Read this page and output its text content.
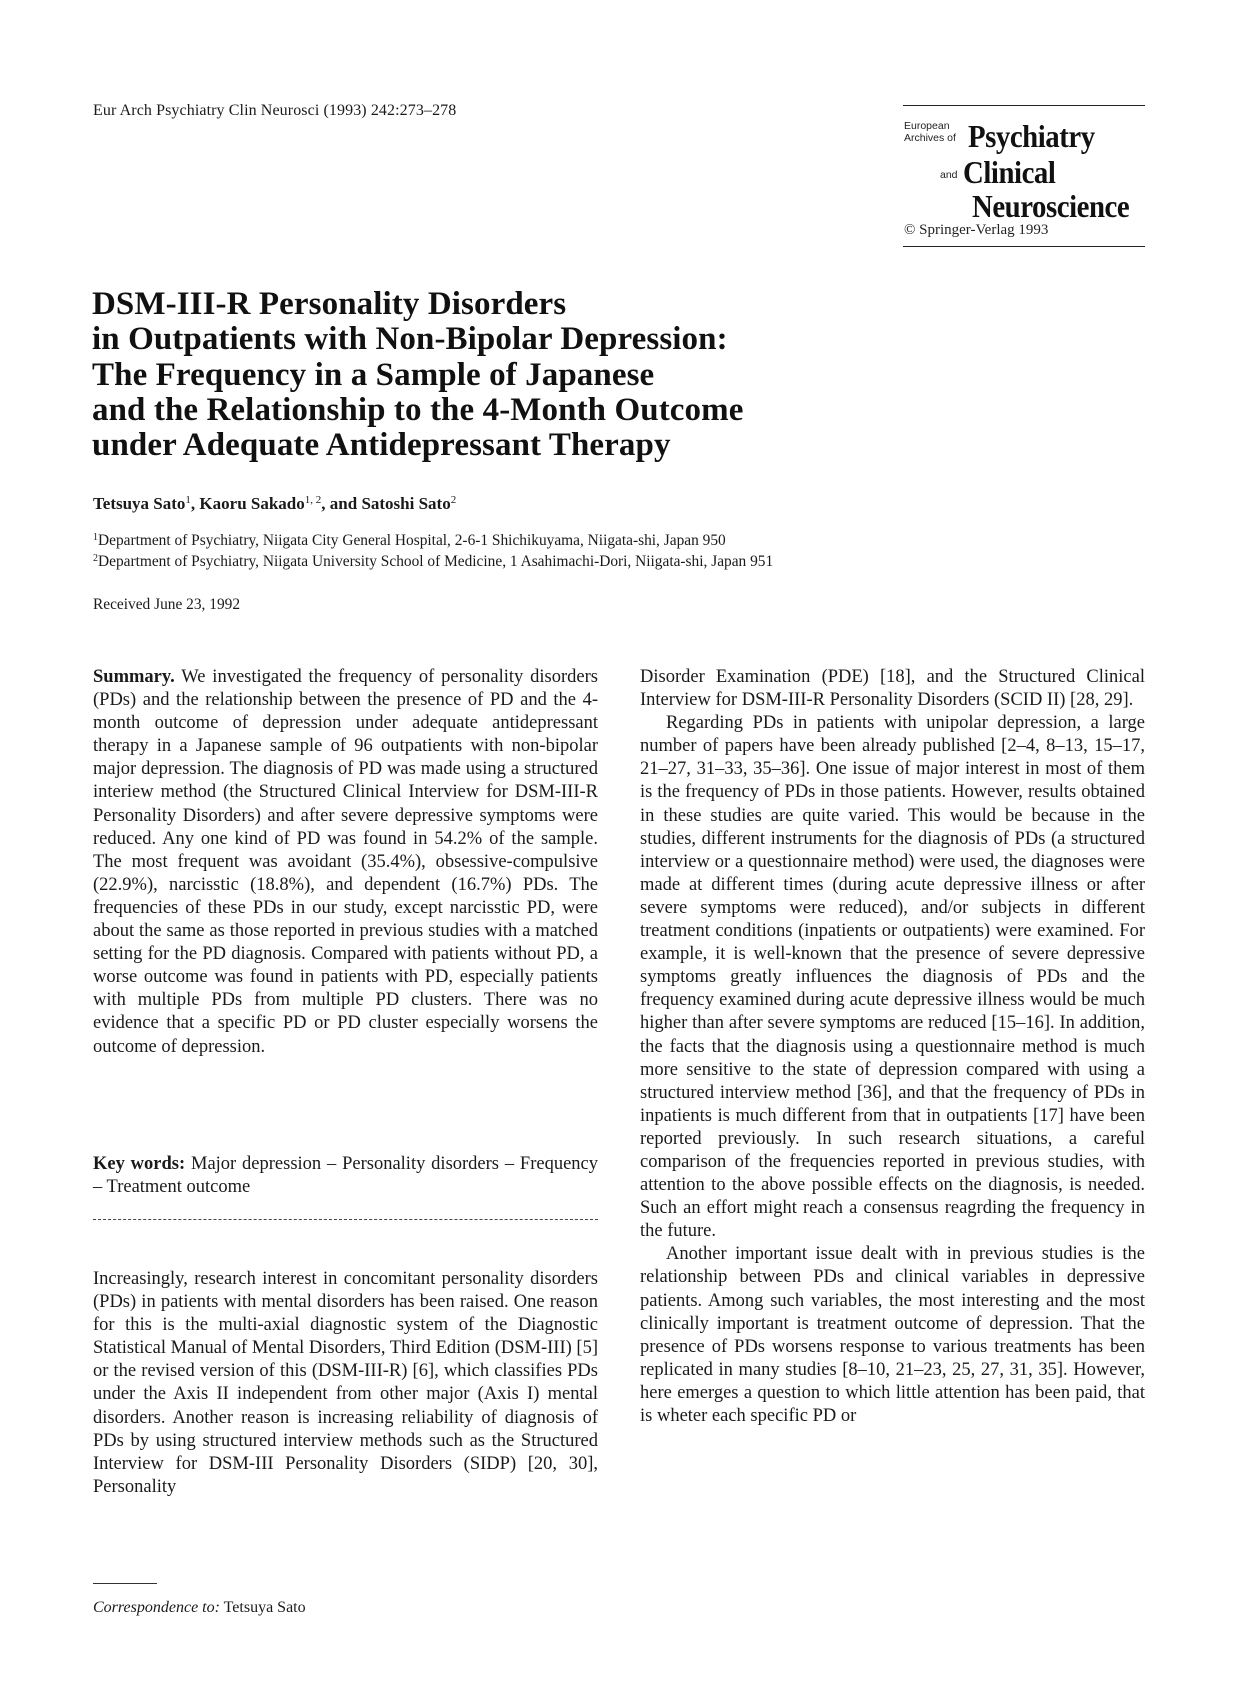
Eur Arch Psychiatry Clin Neurosci (1993) 242:273–278
European
Archives of Psychiatry
and Clinical
Neuroscience
© Springer-Verlag 1993
DSM-III-R Personality Disorders
in Outpatients with Non-Bipolar Depression:
The Frequency in a Sample of Japanese
and the Relationship to the 4-Month Outcome
under Adequate Antidepressant Therapy
Tetsuya Sato$^1$, Kaoru Sakado$^{1, 2}$, and Satoshi Sato$^2$
$^1$Department of Psychiatry, Niigata City General Hospital, 2-6-1 Shichikuyama, Niigata-shi, Japan 950
$^2$Department of Psychiatry, Niigata University School of Medicine, 1 Asahimachi-Dori, Niigata-shi, Japan 951
Received June 23, 1992

Summary. We investigated the frequency of personality disorders (PDs) and the relationship between the presence of PD and the 4-month outcome of depression under adequate antidepressant therapy in a Japanese sample of 96 outpatients with non-bipolar major depression. The diagnosis of PD was made using a structured interiew method (the Structured Clinical Interview for DSM-III-R Personality Disorders) and after severe depressive symptoms were reduced. Any one kind of PD was found in 54.2% of the sample. The most frequent was avoidant (35.4%), obsessive-compulsive (22.9%), narcisstic (18.8%), and dependent (16.7%) PDs. The frequencies of these PDs in our study, except narcisstic PD, were about the same as those reported in previous studies with a matched setting for the PD diagnosis. Compared with patients without PD, a worse outcome was found in patients with PD, especially patients with multiple PDs from multiple PD clusters. There was no evidence that a specific PD or PD cluster especially worsens the outcome of depression.

Key words: Major depression – Personality disorders – Frequency – Treatment outcome

Increasingly, research interest in concomitant personality disorders (PDs) in patients with mental disorders has been raised. One reason for this is the multi-axial diagnostic system of the Diagnostic Statistical Manual of Mental Disorders, Third Edition (DSM-III) [5] or the revised version of this (DSM-III-R) [6], which classifies PDs under the Axis II independent from other major (Axis I) mental disorders. Another reason is increasing reliability of diagnosis of PDs by using structured interview methods such as the Structured Interview for DSM-III Personality Disorders (SIDP) [20, 30], Personality

Disorder Examination (PDE) [18], and the Structured Clinical Interview for DSM-III-R Personality Disorders (SCID II) [28, 29].

Regarding PDs in patients with unipolar depression, a large number of papers have been already published [2–4, 8–13, 15–17, 21–27, 31–33, 35–36]. One issue of major interest in most of them is the frequency of PDs in those patients. However, results obtained in these studies are quite varied. This would be because in the studies, different instruments for the diagnosis of PDs (a structured interview or a questionnaire method) were used, the diagnoses were made at different times (during acute depressive illness or after severe symptoms were reduced), and/or subjects in different treatment conditions (inpatients or outpatients) were examined. For example, it is well-known that the presence of severe depressive symptoms greatly influences the diagnosis of PDs and the frequency examined during acute depressive illness would be much higher than after severe symptoms are reduced [15–16]. In addition, the facts that the diagnosis using a questionnaire method is much more sensitive to the state of depression compared with using a structured interview method [36], and that the frequency of PDs in inpatients is much different from that in outpatients [17] have been reported previously. In such research situations, a careful comparison of the frequencies reported in previous studies, with attention to the above possible effects on the diagnosis, is needed. Such an effort might reach a consensus reagrding the frequency in the future.

Another important issue dealt with in previous studies is the relationship between PDs and clinical variables in depressive patients. Among such variables, the most interesting and the most clinically important is treatment outcome of depression. That the presence of PDs worsens response to various treatments has been replicated in many studies [8–10, 21–23, 25, 27, 31, 35]. However, here emerges a question to which little attention has been paid, that is wheter each specific PD or

Correspondence to: Tetsuya Sato
